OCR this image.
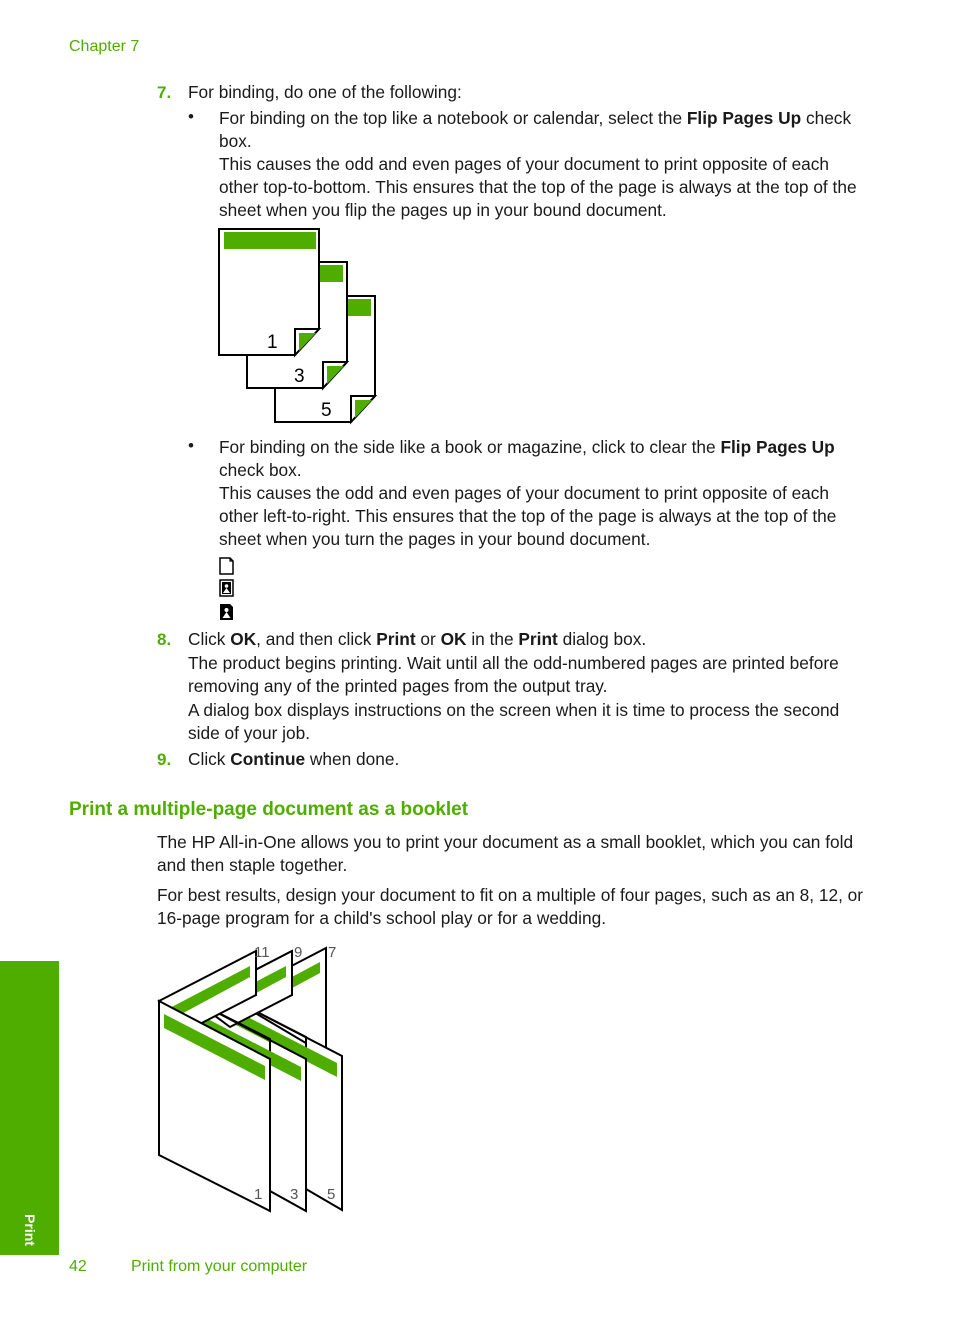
Chapter 7
7. For binding, do one of the following:
• For binding on the top like a notebook or calendar, select the Flip Pages Up check box.
This causes the odd and even pages of your document to print opposite of each other top-to-bottom. This ensures that the top of the page is always at the top of the sheet when you flip the pages up in your bound document.
1
3
5
• For binding on the side like a book or magazine, click to clear the Flip Pages Up check box.
This causes the odd and even pages of your document to print opposite of each other left-to-right. This ensures that the top of the page is always at the top of the sheet when you turn the pages in your bound document.
8. Click OK, and then click Print or OK in the Print dialog box.
The product begins printing. Wait until all the odd-numbered pages are printed before removing any of the printed pages from the output tray.
A dialog box displays instructions on the screen when it is time to process the second side of your job.
9. Click Continue when done.
Print a multiple-page document as a booklet
The HP All-in-One allows you to print your document as a small booklet, which you can fold and then staple together.
For best results, design your document to fit on a multiple of four pages, such as an 8, 12, or 16-page program for a child's school play or for a wedding.
11 9 7
1 3 5
Print
42	Print from your computer
